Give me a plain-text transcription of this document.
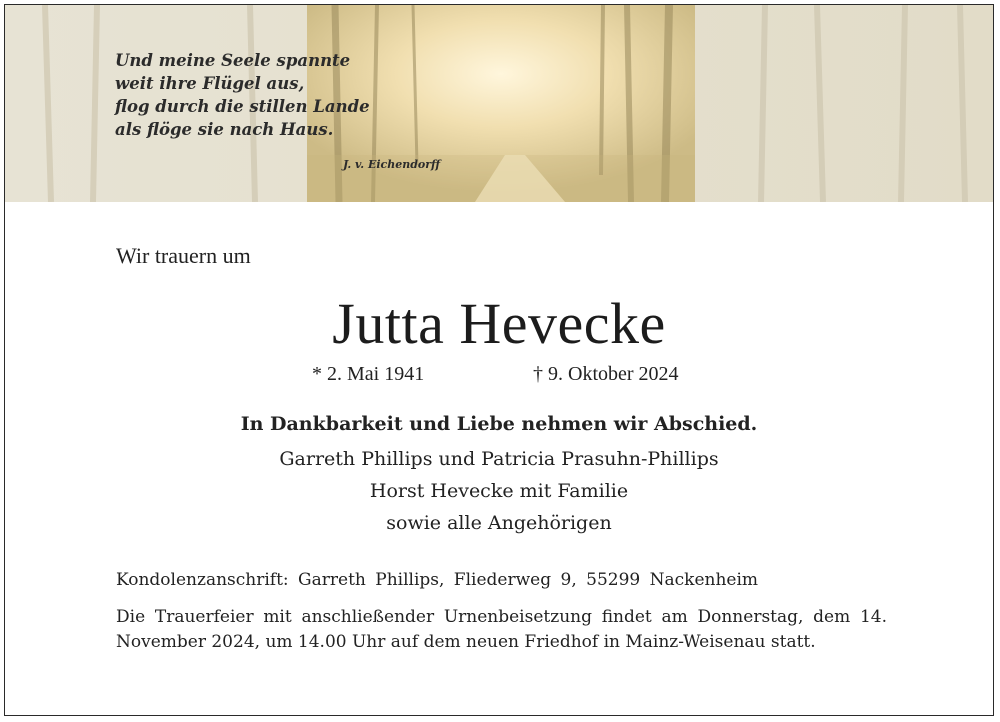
Und meine Seele spannte
weit ihre Flügel aus,
flog durch die stillen Lande
als flöge sie nach Haus.

J. v. Eichendorff
Wir trauern um
Jutta Hevecke
* 2. Mai 1941	† 9. Oktober 2024
In Dankbarkeit und Liebe nehmen wir Abschied.
Garreth Phillips und Patricia Prasuhn-Phillips
Horst Hevecke mit Familie
sowie alle Angehörigen
Kondolenzanschrift: Garreth Phillips, Fliederweg 9, 55299 Nackenheim

Die Trauerfeier mit anschließender Urnenbeisetzung findet am Donnerstag, dem 14. November 2024, um 14.00 Uhr auf dem neuen Friedhof in Mainz-Weisenau statt.
